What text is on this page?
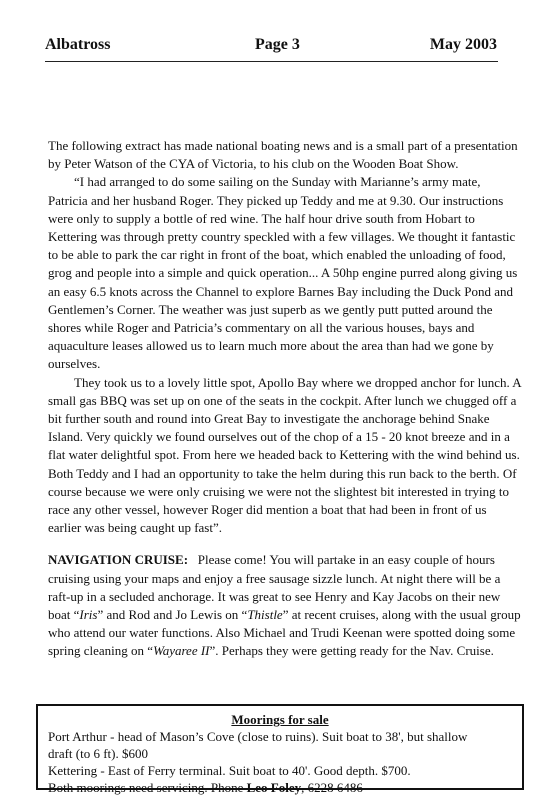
Albatross	Page 3	May 2003

The following extract has made national boating news and is a small part of a presentation by Peter Watson of the CYA of Victoria, to his club on the Wooden Boat Show.

“I had arranged to do some sailing on the Sunday with Marianne’s army mate, Patricia and her husband Roger. They picked up Teddy and me at 9.30. Our instructions were only to supply a bottle of red wine. The half hour drive south from Hobart to Kettering was through pretty country speckled with a few villages. We thought it fantastic to be able to park the car right in front of the boat, which enabled the unloading of food, grog and people into a simple and quick operation... A 50hp engine purred along giving us an easy 6.5 knots across the Channel to explore Barnes Bay including the Duck Pond and Gentlemen’s Corner. The weather was just superb as we gently putt putted around the shores while Roger and Patricia’s commentary on all the various houses, bays and aquaculture leases allowed us to learn much more about the area than had we gone by ourselves.

They took us to a lovely little spot, Apollo Bay where we dropped anchor for lunch. A small gas BBQ was set up on one of the seats in the cockpit. After lunch we chugged off a bit further south and round into Great Bay to investigate the anchorage behind Snake Island. Very quickly we found ourselves out of the chop of a 15 - 20 knot breeze and in a flat water delightful spot. From here we headed back to Kettering with the wind behind us. Both Teddy and I had an opportunity to take the helm during this run back to the berth. Of course because we were only cruising we were not the slightest bit interested in trying to race any other vessel, however Roger did mention a boat that had been in front of us earlier was being caught up fast”.

NAVIGATION CRUISE: Please come! You will partake in an easy couple of hours cruising using your maps and enjoy a free sausage sizzle lunch. At night there will be a raft-up in a secluded anchorage. It was great to see Henry and Kay Jacobs on their new boat “Iris” and Rod and Jo Lewis on “Thistle” at recent cruises, along with the usual group who attend our water functions. Also Michael and Trudi Keenan were spotted doing some spring cleaning on “Wayaree II”. Perhaps they were getting ready for the Nav. Cruise.

Moorings for sale
Port Arthur - head of Mason’s Cove (close to ruins). Suit boat to 38', but shallow
draft (to 6 ft). $600
Kettering - East of Ferry terminal. Suit boat to 40'. Good depth. $700.
Both moorings need servicing. Phone Leo Foley, 6228 6486
